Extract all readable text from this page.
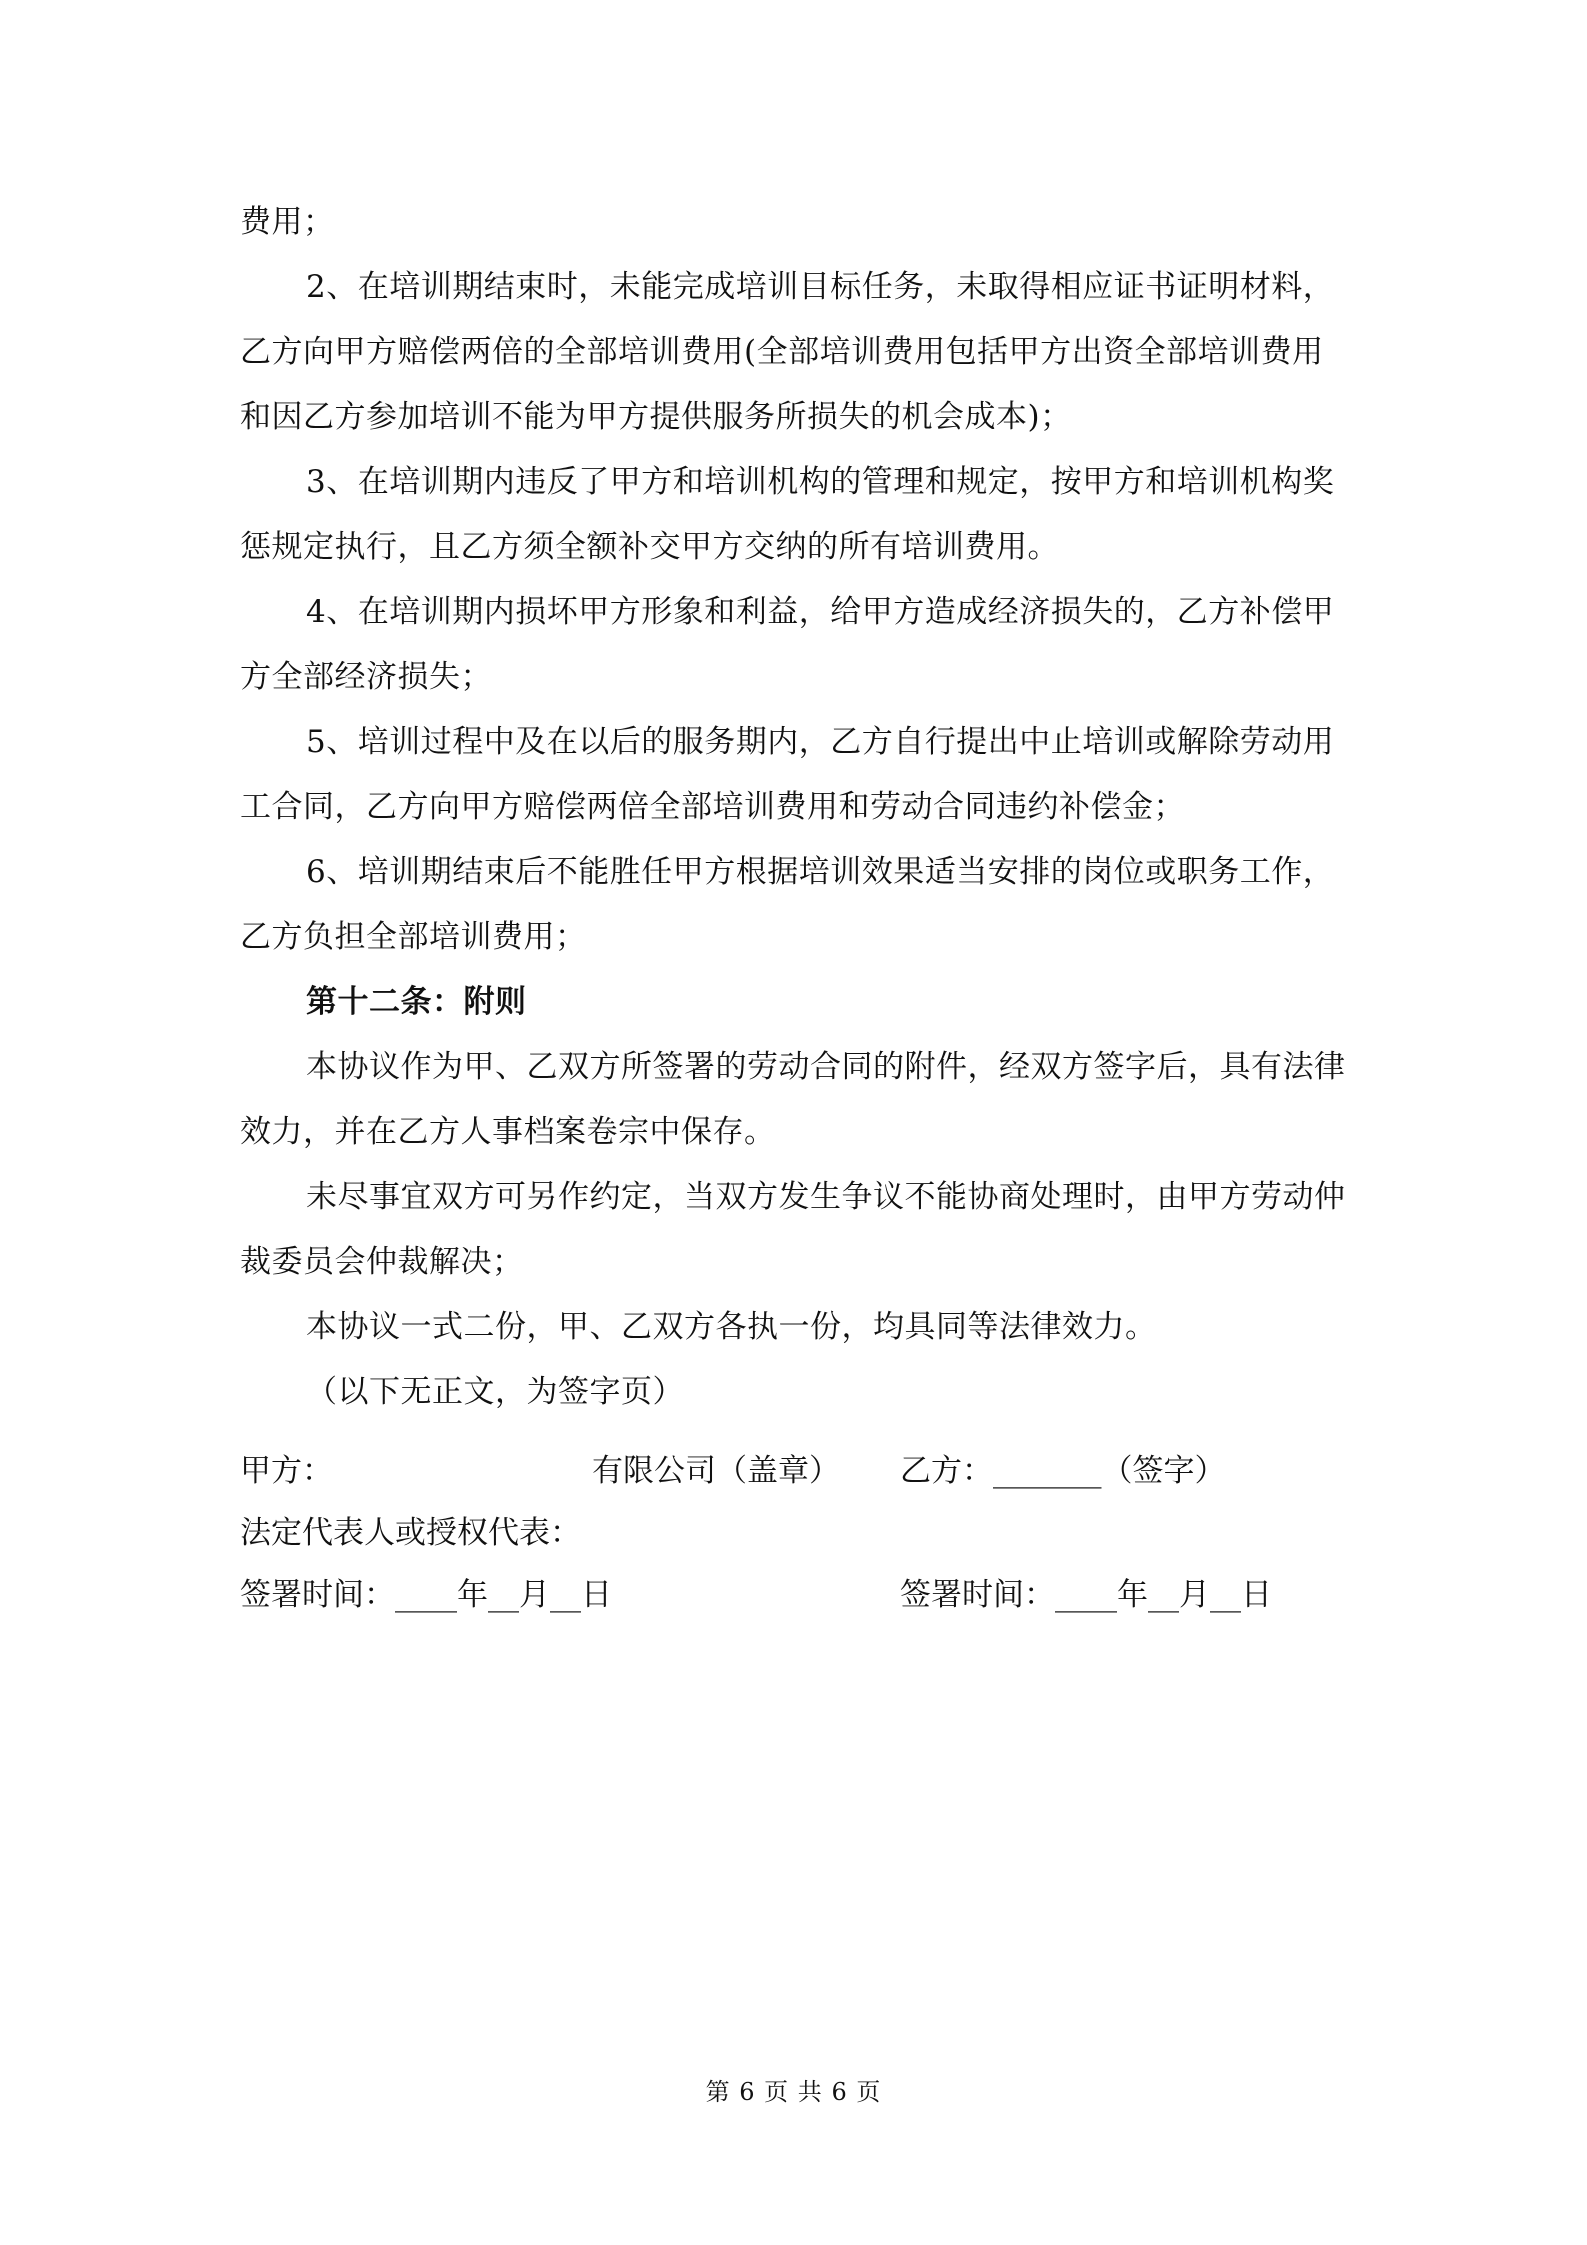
费用；
2、在培训期结束时，未能完成培训目标任务，未取得相应证书证明材料，
乙方向甲方赔偿两倍的全部培训费用(全部培训费用包括甲方出资全部培训费用
和因乙方参加培训不能为甲方提供服务所损失的机会成本)；
3、在培训期内违反了甲方和培训机构的管理和规定，按甲方和培训机构奖
惩规定执行，且乙方须全额补交甲方交纳的所有培训费用。
4、在培训期内损坏甲方形象和利益，给甲方造成经济损失的，乙方补偿甲
方全部经济损失；
5、培训过程中及在以后的服务期内，乙方自行提出中止培训或解除劳动用
工合同，乙方向甲方赔偿两倍全部培训费用和劳动合同违约补偿金；
6、培训期结束后不能胜任甲方根据培训效果适当安排的岗位或职务工作，
乙方负担全部培训费用；
第十二条：附则
本协议作为甲、乙双方所签署的劳动合同的附件，经双方签字后，具有法律
效力，并在乙方人事档案卷宗中保存。
未尽事宜双方可另作约定，当双方发生争议不能协商处理时，由甲方劳动仲
裁委员会仲裁解决；
本协议一式二份，甲、乙双方各执一份，均具同等法律效力。
（以下无正文，为签字页）
甲方：	有限公司（盖章） 乙方：_______（签字）
法定代表人或授权代表：
签署时间：____年__月__日	签署时间：____年__月__日
第 6 页 共 6 页
